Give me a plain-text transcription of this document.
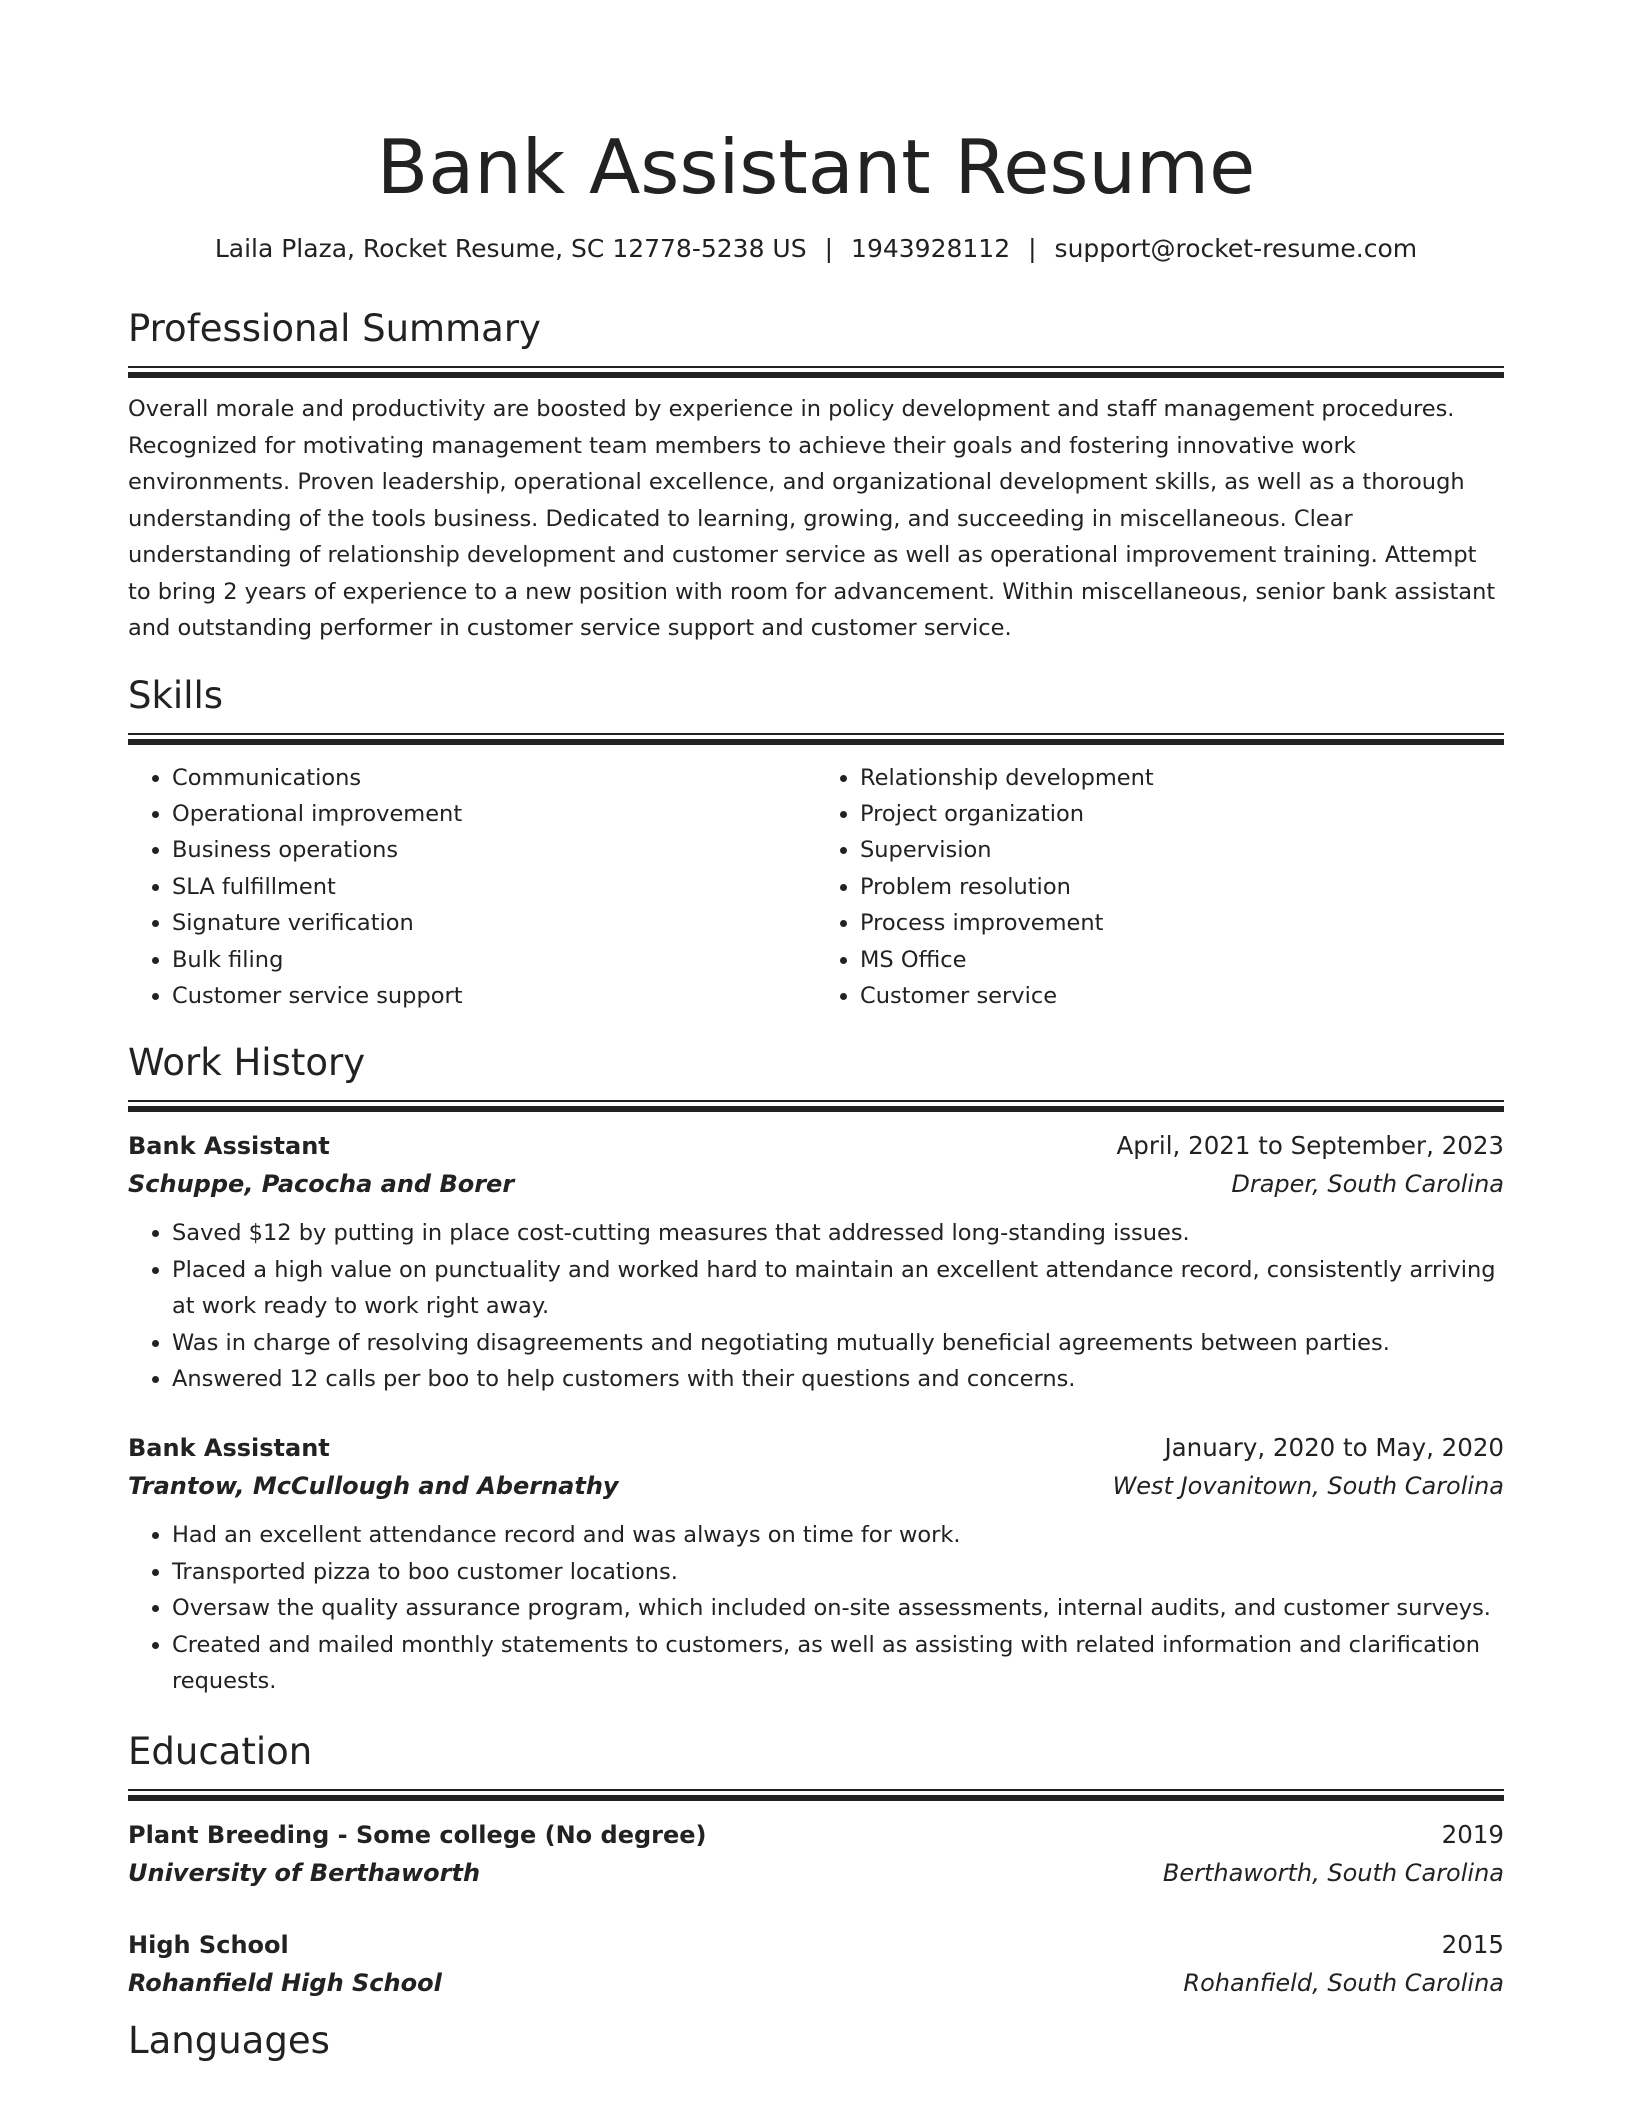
Bank Assistant Resume
Laila Plaza, Rocket Resume, SC 12778-5238 US | 1943928112 | support@rocket-resume.com
Professional Summary

Overall morale and productivity are boosted by experience in policy development and staff management procedures. Recognized for motivating management team members to achieve their goals and fostering innovative work environments. Proven leadership, operational excellence, and organizational development skills, as well as a thorough understanding of the tools business. Dedicated to learning, growing, and succeeding in miscellaneous. Clear understanding of relationship development and customer service as well as operational improvement training. Attempt to bring 2 years of experience to a new position with room for advancement. Within miscellaneous, senior bank assistant and outstanding performer in customer service support and customer service.

Skills
• Communications
• Operational improvement
• Business operations
• SLA fulfillment
• Signature verification
• Bulk filing
• Customer service support
• Relationship development
• Project organization
• Supervision
• Problem resolution
• Process improvement
• MS Office
• Customer service
Work History
Bank Assistant	April, 2021 to September, 2023
Schuppe, Pacocha and Borer	Draper, South Carolina
• Saved $12 by putting in place cost-cutting measures that addressed long-standing issues.
• Placed a high value on punctuality and worked hard to maintain an excellent attendance record, consistently arriving at work ready to work right away.
• Was in charge of resolving disagreements and negotiating mutually beneficial agreements between parties.
• Answered 12 calls per boo to help customers with their questions and concerns.
Bank Assistant	January, 2020 to May, 2020
Trantow, McCullough and Abernathy	West Jovanitown, South Carolina
• Had an excellent attendance record and was always on time for work.
• Transported pizza to boo customer locations.
• Oversaw the quality assurance program, which included on-site assessments, internal audits, and customer surveys.
• Created and mailed monthly statements to customers, as well as assisting with related information and clarification requests.
Education
Plant Breeding - Some college (No degree)	2019
University of Berthaworth	Berthaworth, South Carolina
High School	2015
Rohanfield High School	Rohanfield, South Carolina
Languages
